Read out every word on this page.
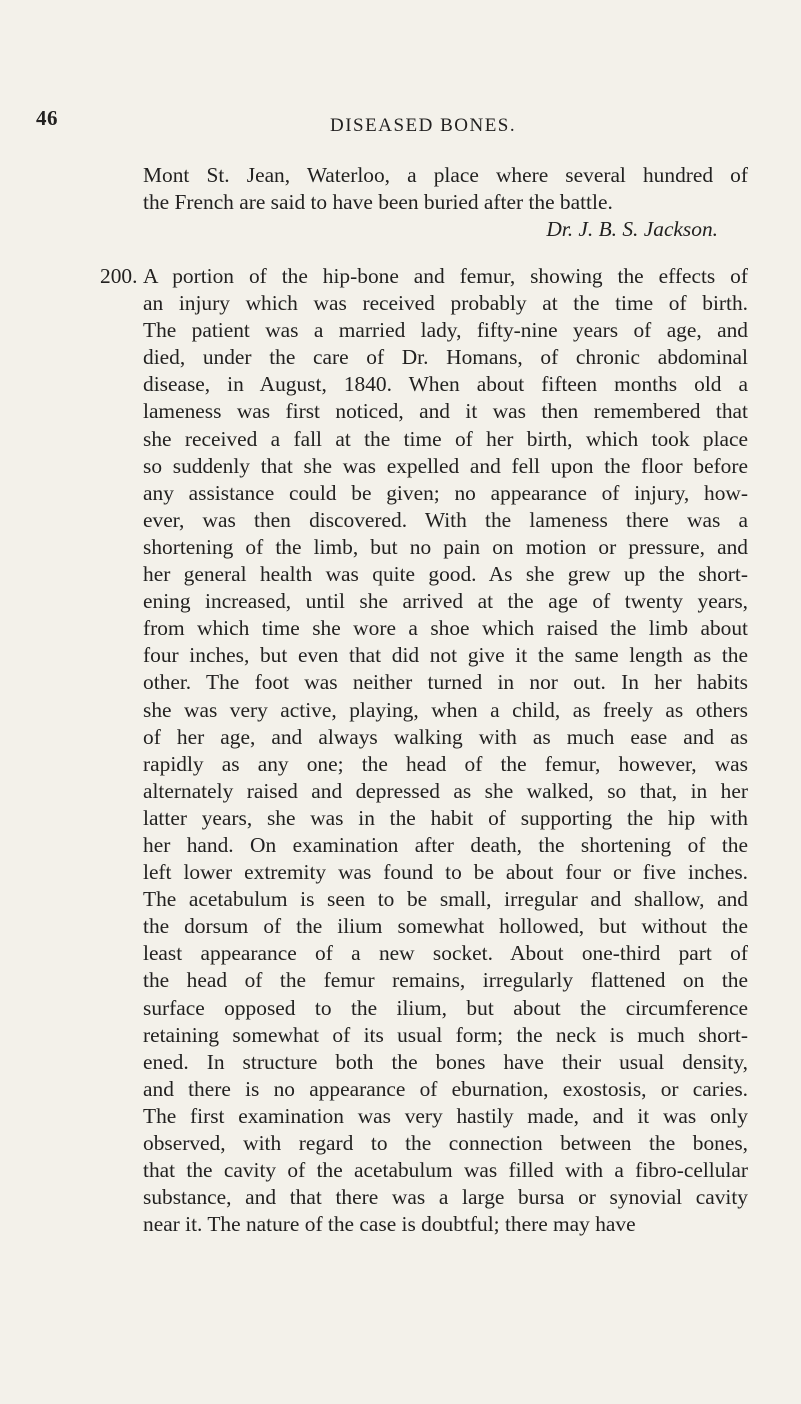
46	DISEASED BONES.
Mont St. Jean, Waterloo, a place where several hundred of
the French are said to have been buried after the battle.
Dr. J. B. S. Jackson.
200. A portion of the hip-bone and femur, showing the effects of
an injury which was received probably at the time of birth.
The patient was a married lady, fifty-nine years of age, and
died, under the care of Dr. Homans, of chronic abdominal
disease, in August, 1840. When about fifteen months old a
lameness was first noticed, and it was then remembered that
she received a fall at the time of her birth, which took place
so suddenly that she was expelled and fell upon the floor before
any assistance could be given; no appearance of injury, how-
ever, was then discovered. With the lameness there was a
shortening of the limb, but no pain on motion or pressure, and
her general health was quite good. As she grew up the short-
ening increased, until she arrived at the age of twenty years,
from which time she wore a shoe which raised the limb about
four inches, but even that did not give it the same length as the
other. The foot was neither turned in nor out. In her habits
she was very active, playing, when a child, as freely as others
of her age, and always walking with as much ease and as
rapidly as any one; the head of the femur, however, was
alternately raised and depressed as she walked, so that, in her
latter years, she was in the habit of supporting the hip with
her hand. On examination after death, the shortening of the
left lower extremity was found to be about four or five inches.
The acetabulum is seen to be small, irregular and shallow, and
the dorsum of the ilium somewhat hollowed, but without the
least appearance of a new socket. About one-third part of
the head of the femur remains, irregularly flattened on the
surface opposed to the ilium, but about the circumference
retaining somewhat of its usual form; the neck is much short-
ened. In structure both the bones have their usual density,
and there is no appearance of eburnation, exostosis, or caries.
The first examination was very hastily made, and it was only
observed, with regard to the connection between the bones,
that the cavity of the acetabulum was filled with a fibro-cellular
substance, and that there was a large bursa or synovial cavity
near it. The nature of the case is doubtful; there may have
